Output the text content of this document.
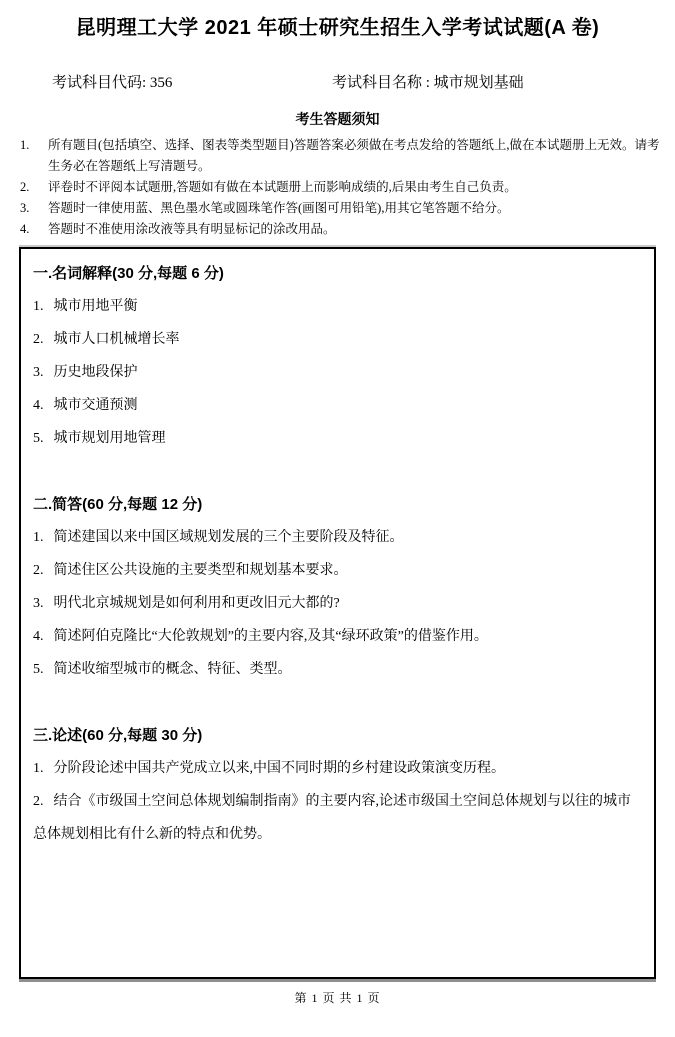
昆明理工大学 2021 年硕士研究生招生入学考试试题(A 卷)
考试科目代码: 356	考试科目名称 : 城市规划基础
考生答题须知

1.	所有题目(包括填空、选择、图表等类型题目)答题答案必须做在考点发给的答题纸上,做在本试题册上无效。请考生务必在答题纸上写清题号。

2.	评卷时不评阅本试题册,答题如有做在本试题册上而影响成绩的,后果由考生自己负责。

3.	答题时一律使用蓝、黑色墨水笔或圆珠笔作答(画图可用铅笔),用其它笔答题不给分。

4.	答题时不准使用涂改液等具有明显标记的涂改用品。

一.名词解释(30 分,每题 6 分)

1. 城市用地平衡

2. 城市人口机械增长率

3. 历史地段保护

4. 城市交通预测

5. 城市规划用地管理

二.简答(60 分,每题 12 分)

1. 简述建国以来中国区域规划发展的三个主要阶段及特征。

2. 简述住区公共设施的主要类型和规划基本要求。

3. 明代北京城规划是如何利用和更改旧元大都的?

4. 简述阿伯克隆比“大伦敦规划”的主要内容,及其“绿环政策”的借鉴作用。

5. 简述收缩型城市的概念、特征、类型。

三.论述(60 分,每题 30 分)

1. 分阶段论述中国共产党成立以来,中国不同时期的乡村建设政策演变历程。

2. 结合《市级国土空间总体规划编制指南》的主要内容,论述市级国土空间总体规划与以往的城市总体规划相比有什么新的特点和优势。

第 1 页 共 1 页
